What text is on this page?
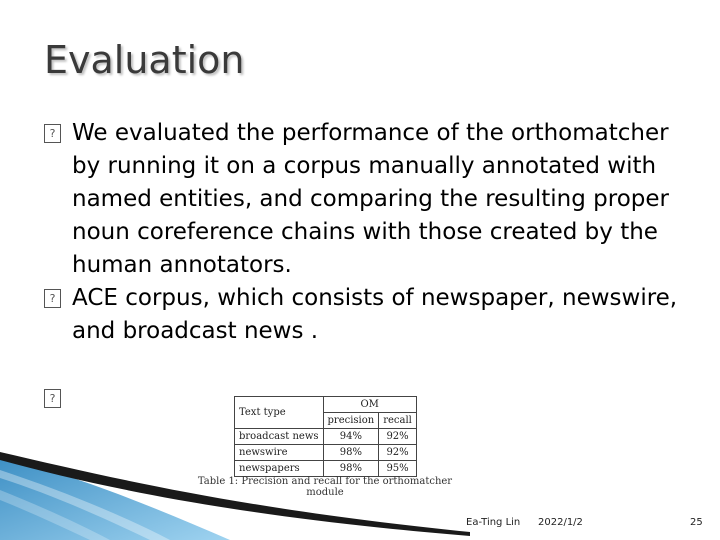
Evaluation
? We evaluated the performance of the orthomatcher by running it on a corpus manually annotated with named entities, and comparing the resulting proper noun coreference chains with those created by the human annotators.
? ACE corpus, which consists of newspaper, newswire, and broadcast news .
?
Text type	OM	
	precision	recall
broadcast news	94%	92%
newswire	98%	92%
newspapers	98%	95%
Table 1: Precision and recall for the orthomatcher module
Ea-Ting Lin 2022/1/2	25
